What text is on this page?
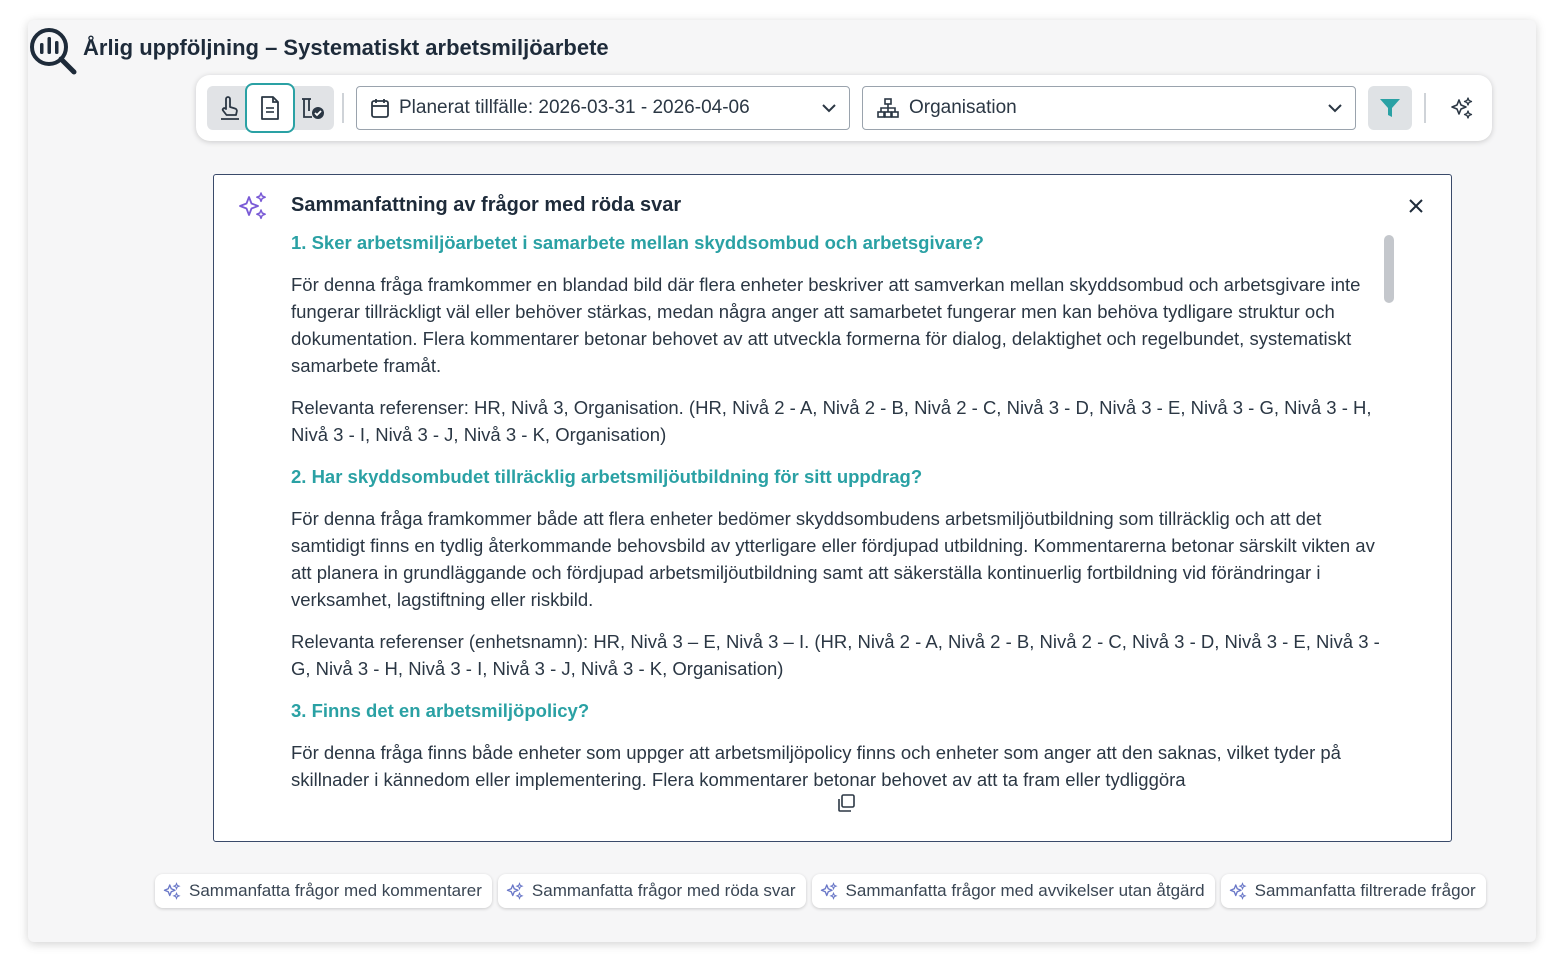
Årlig uppföljning – Systematiskt arbetsmiljöarbete
Planerat tillfälle: 2026-03-31 - 2026-04-06	Organisation
Sammanfattning av frågor med röda svar
1. Sker arbetsmiljöarbetet i samarbete mellan skyddsombud och arbetsgivare?

För denna fråga framkommer en blandad bild där flera enheter beskriver att samverkan mellan skyddsombud och arbetsgivare inte fungerar tillräckligt väl eller behöver stärkas, medan några anger att samarbetet fungerar men kan behöva tydligare struktur och dokumentation. Flera kommentarer betonar behovet av att utveckla formerna för dialog, delaktighet och regelbundet, systematiskt samarbete framåt.

Relevanta referenser: HR, Nivå 3, Organisation. (HR, Nivå 2 - A, Nivå 2 - B, Nivå 2 - C, Nivå 3 - D, Nivå 3 - E, Nivå 3 - G, Nivå 3 - H, Nivå 3 - I, Nivå 3 - J, Nivå 3 - K, Organisation)

2. Har skyddsombudet tillräcklig arbetsmiljöutbildning för sitt uppdrag?

För denna fråga framkommer både att flera enheter bedömer skyddsombudens arbetsmiljöutbildning som tillräcklig och att det samtidigt finns en tydlig återkommande behovsbild av ytterligare eller fördjupad utbildning. Kommentarerna betonar särskilt vikten av att planera in grundläggande och fördjupad arbetsmiljöutbildning samt att säkerställa kontinuerlig fortbildning vid förändringar i verksamhet, lagstiftning eller riskbild.

Relevanta referenser (enhetsnamn): HR, Nivå 3 – E, Nivå 3 – I. (HR, Nivå 2 - A, Nivå 2 - B, Nivå 2 - C, Nivå 3 - D, Nivå 3 - E, Nivå 3 - G, Nivå 3 - H, Nivå 3 - I, Nivå 3 - J, Nivå 3 - K, Organisation)

3. Finns det en arbetsmiljöpolicy?

För denna fråga finns både enheter som uppger att arbetsmiljöpolicy finns och enheter som anger att den saknas, vilket tyder på skillnader i kännedom eller implementering. Flera kommentarer betonar behovet av att ta fram eller tydliggöra

Sammanfatta frågor med kommentarer	Sammanfatta frågor med röda svar	Sammanfatta frågor med avvikelser utan åtgärd	Sammanfatta filtrerade frågor
